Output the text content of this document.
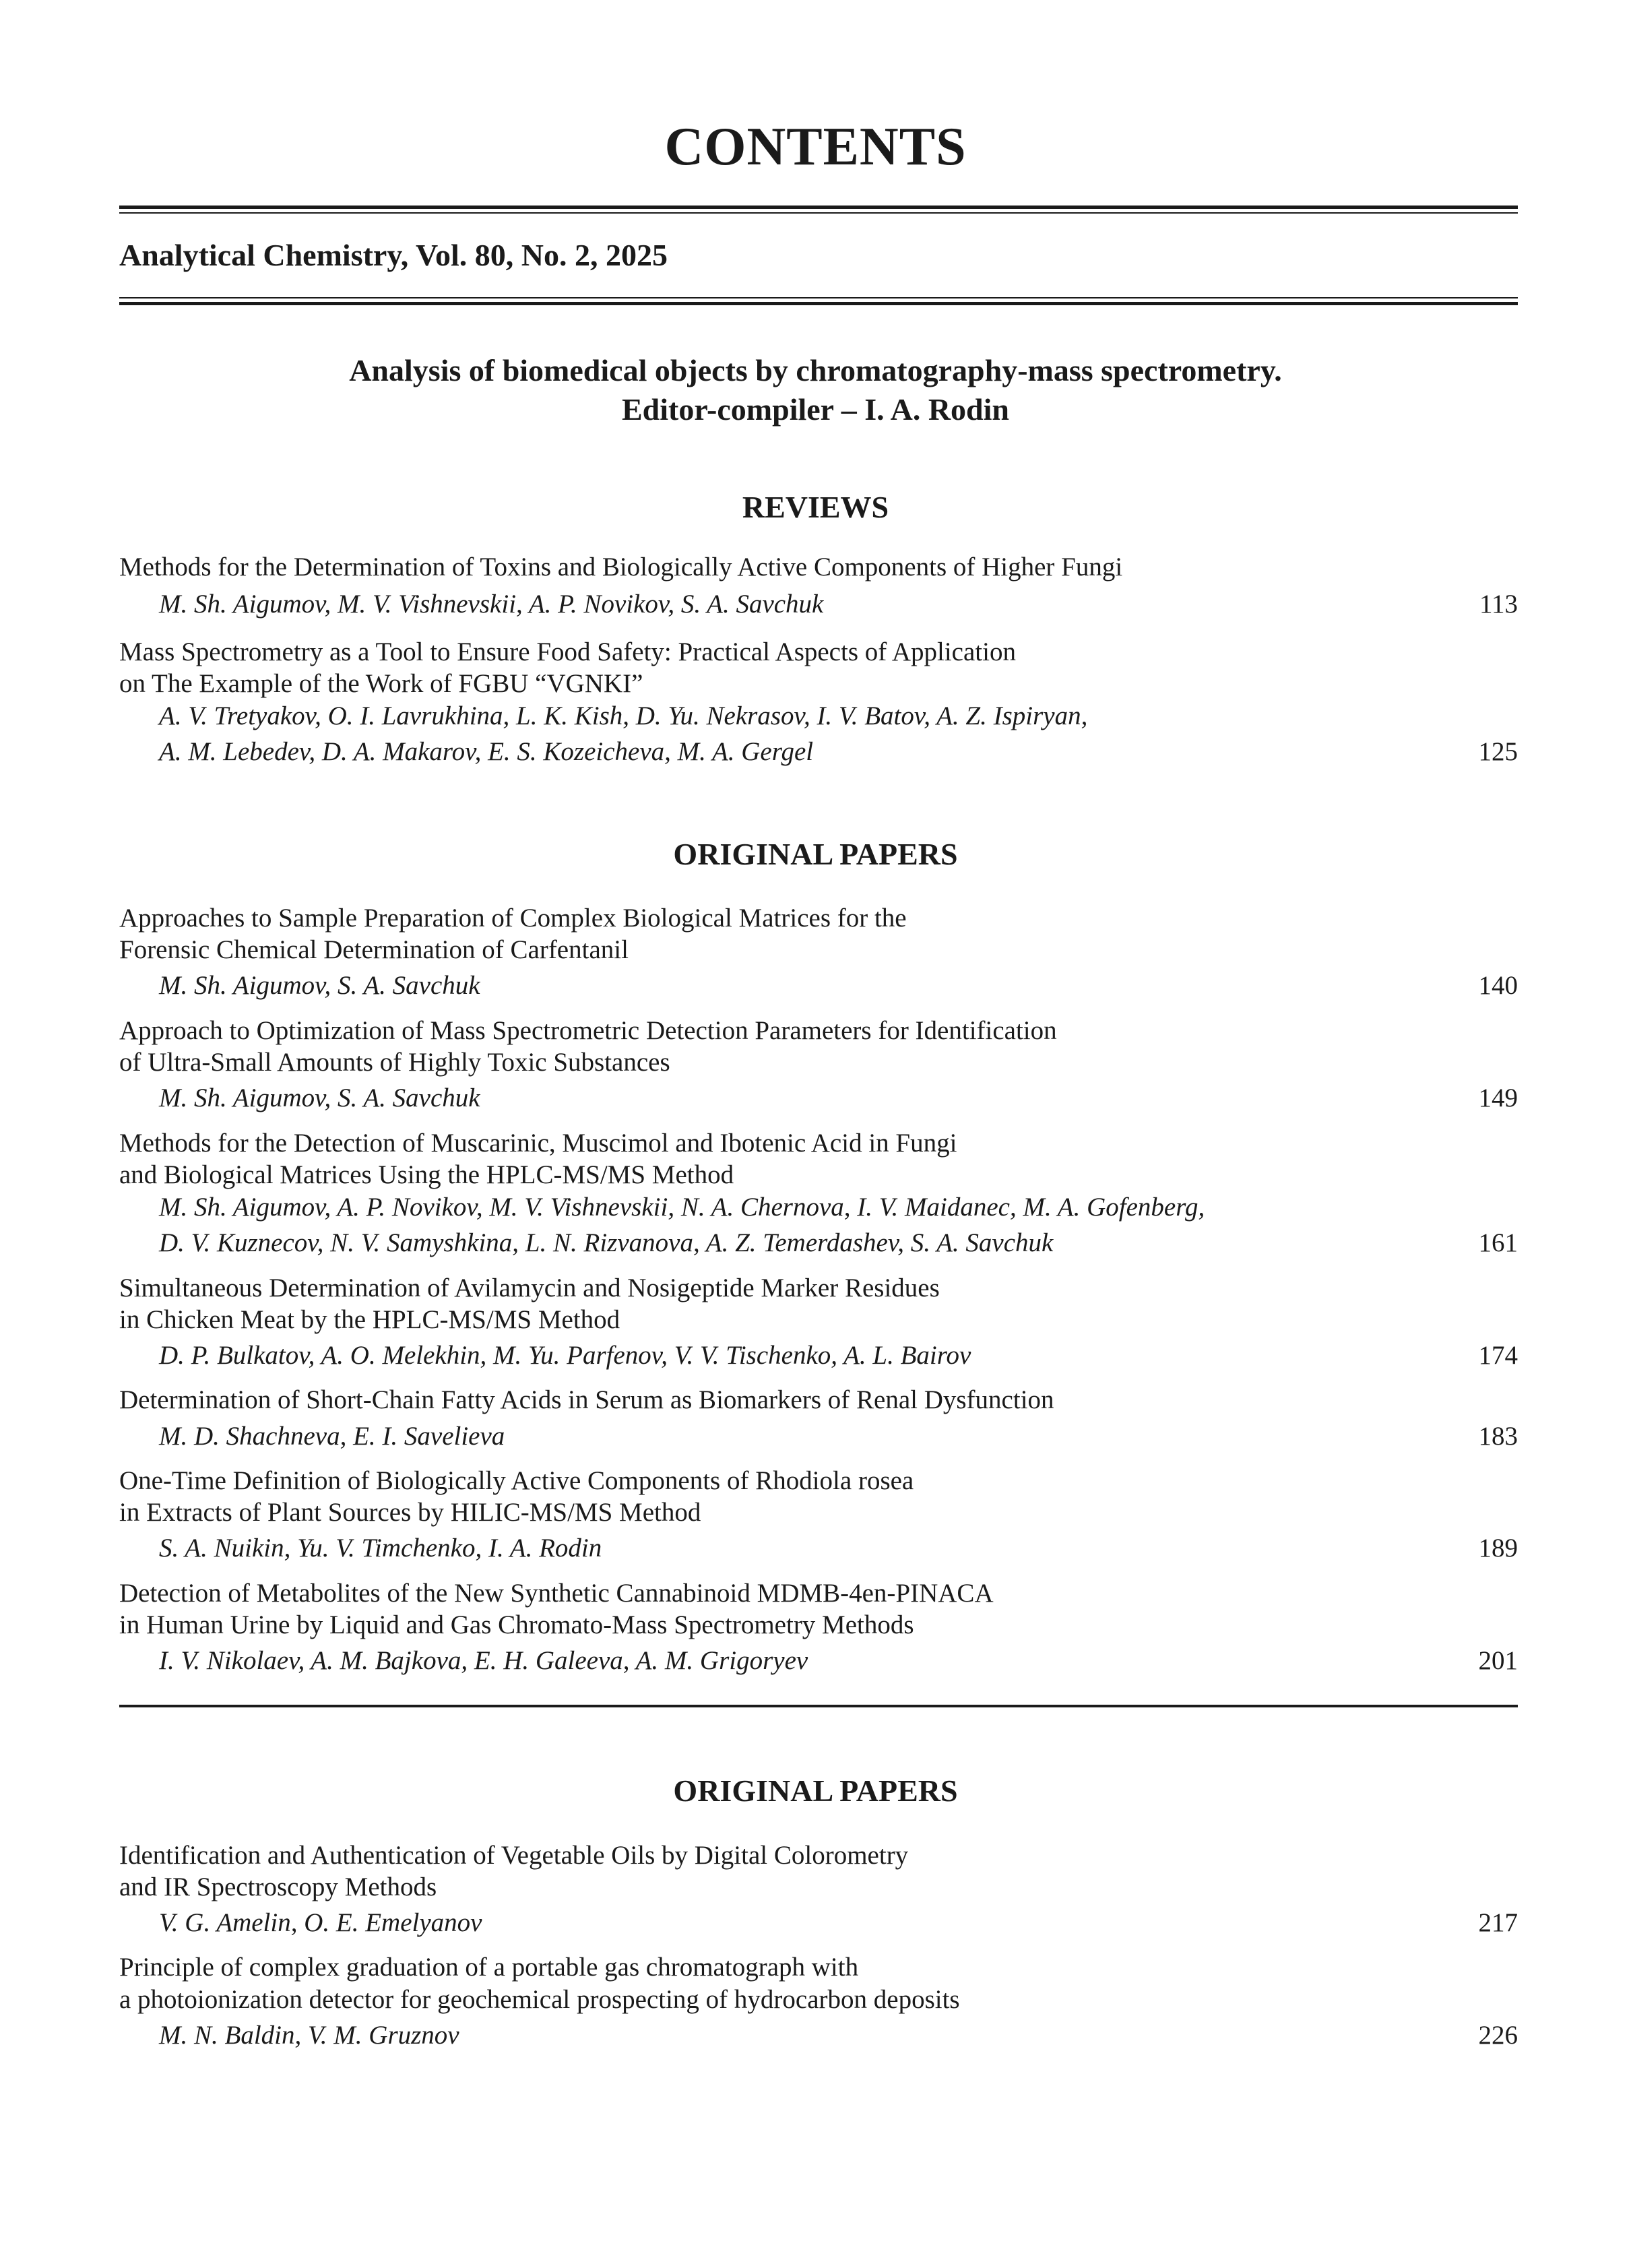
CONTENTS
Analytical Chemistry, Vol. 80, No. 2, 2025
Analysis of biomedical objects by chromatography-mass spectrometry.
Editor-compiler – I. A. Rodin
REVIEWS
Methods for the Determination of Toxins and Biologically Active Components of Higher Fungi
M. Sh. Aigumov, M. V. Vishnevskii, A. P. Novikov, S. A. Savchuk	113
Mass Spectrometry as a Tool to Ensure Food Safety: Practical Aspects of Application
on The Example of the Work of FGBU “VGNKI”
A. V. Tretyakov, O. I. Lavrukhina, L. K. Kish, D. Yu. Nekrasov, I. V. Batov, A. Z. Ispiryan,
A. M. Lebedev, D. A. Makarov, E. S. Kozeicheva, M. A. Gergel	125
ORIGINAL PAPERS
Approaches to Sample Preparation of Complex Biological Matrices for the
Forensic Chemical Determination of Carfentanil
M. Sh. Aigumov, S. A. Savchuk	140
Approach to Optimization of Mass Spectrometric Detection Parameters for Identification
of Ultra-Small Amounts of Highly Toxic Substances
M. Sh. Aigumov, S. A. Savchuk	149
Methods for the Detection of Muscarinic, Muscimol and Ibotenic Acid in Fungi
and Biological Matrices Using the HPLC-MS/MS Method
M. Sh. Aigumov, A. P. Novikov, M. V. Vishnevskii, N. A. Chernova, I. V. Maidanec, M. A. Gofenberg,
D. V. Kuznecov, N. V. Samyshkina, L. N. Rizvanova, A. Z. Temerdashev, S. A. Savchuk	161
Simultaneous Determination of Avilamycin and Nosigeptide Marker Residues
in Chicken Meat by the HPLC-MS/MS Method
D. P. Bulkatov, A. O. Melekhin, M. Yu. Parfenov, V. V. Tischenko, A. L. Bairov	174
Determination of Short-Chain Fatty Acids in Serum as Biomarkers of Renal Dysfunction
M. D. Shachneva, E. I. Savelieva	183
One-Time Definition of Biologically Active Components of Rhodiola rosea
in Extracts of Plant Sources by HILIC-MS/MS Method
S. A. Nuikin, Yu. V. Timchenko, I. A. Rodin	189
Detection of Metabolites of the New Synthetic Cannabinoid MDMB-4en-PINACA
in Human Urine by Liquid and Gas Chromato-Mass Spectrometry Methods
I. V. Nikolaev, A. M. Bajkova, E. H. Galeeva, A. M. Grigoryev	201
ORIGINAL PAPERS
Identification and Authentication of Vegetable Oils by Digital Colorometry
and IR Spectroscopy Methods
V. G. Amelin, O. E. Emelyanov	217
Principle of complex graduation of a portable gas chromatograph with
a photoionization detector for geochemical prospecting of hydrocarbon deposits
M. N. Baldin, V. M. Gruznov	226
